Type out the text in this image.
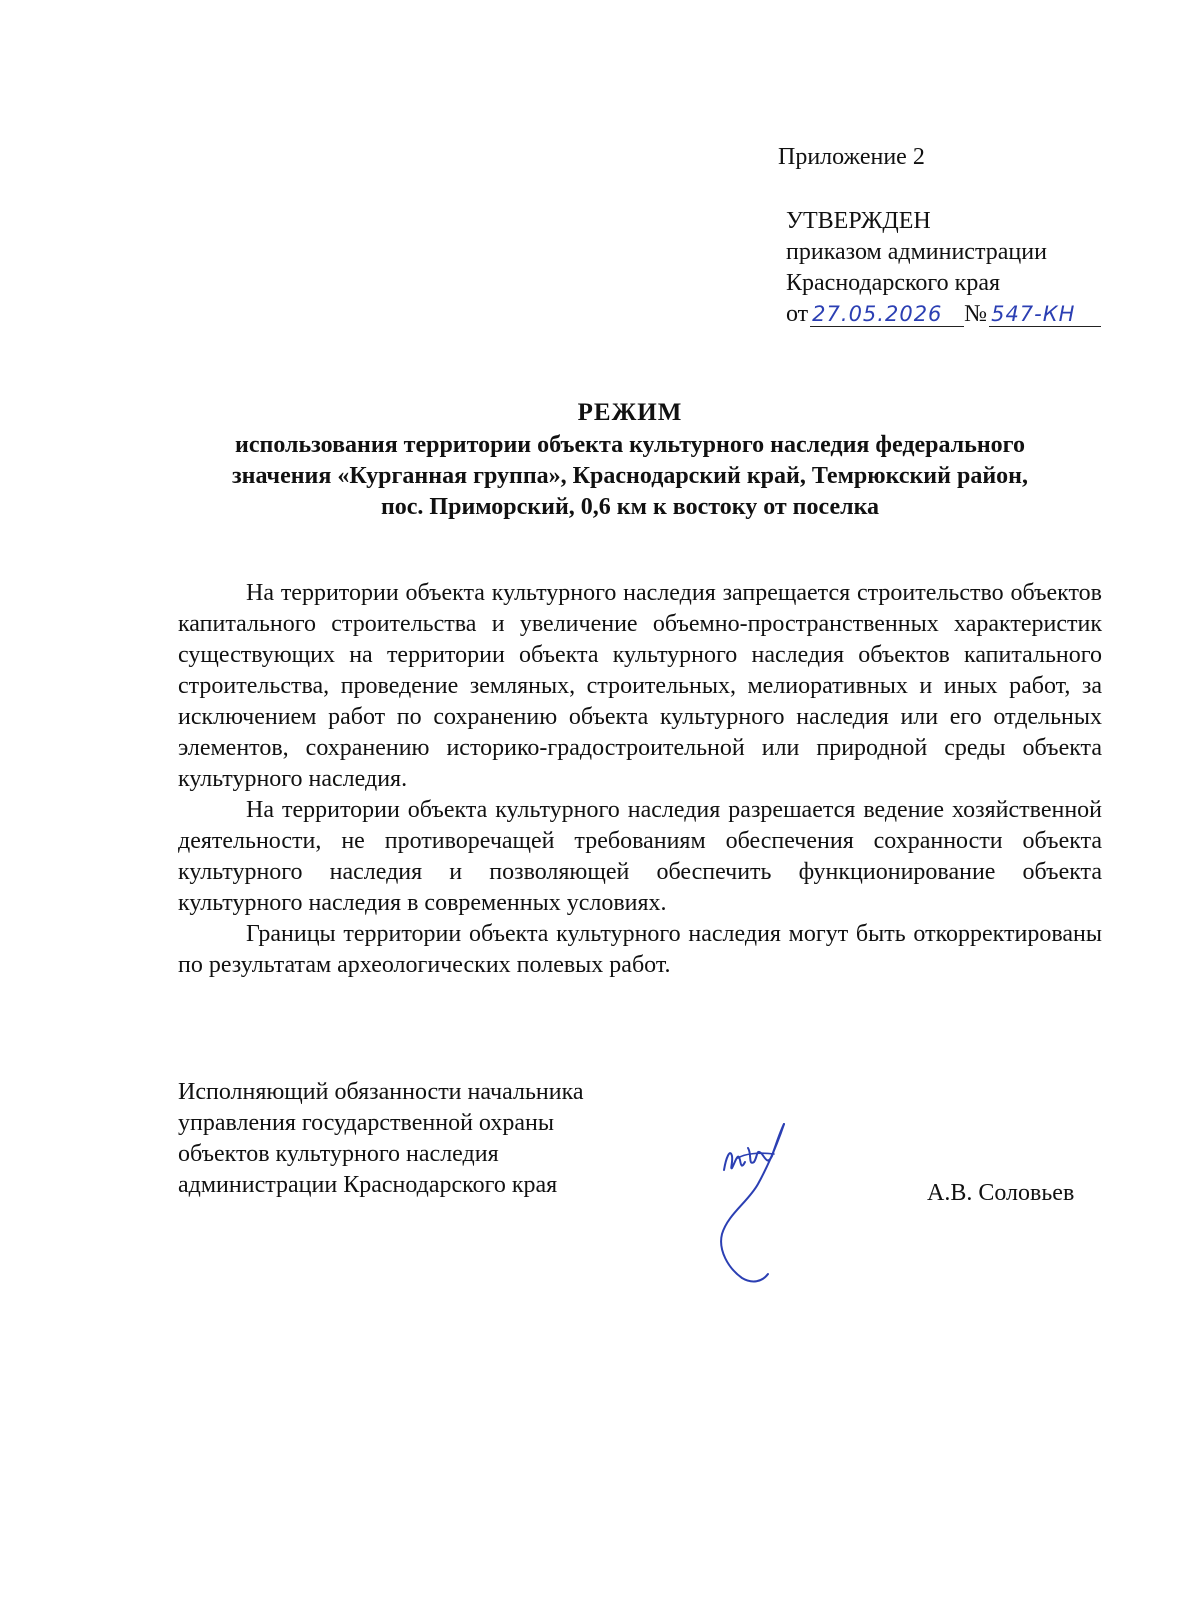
Приложение 2
УТВЕРЖДЕН
приказом администрации
Краснодарского края
от 27.05.2026 № 547-КН
РЕЖИМ
использования территории объекта культурного наследия федерального
значения «Курганная группа», Краснодарский край, Темрюкский район,
пос. Приморский, 0,6 км к востоку от поселка

На территории объекта культурного наследия запрещается строительство объектов капитального строительства и увеличение объемно-пространственных характеристик существующих на территории объекта культурного наследия объектов капитального строительства, проведение земляных, строительных, мелиоративных и иных работ, за исключением работ по сохранению объекта культурного наследия или его отдельных элементов, сохранению историко-градостроительной или природной среды объекта культурного наследия.

На территории объекта культурного наследия разрешается ведение хозяйственной деятельности, не противоречащей требованиям обеспечения сохранности объекта культурного наследия и позволяющей обеспечить функционирование объекта культурного наследия в современных условиях.

Границы территории объекта культурного наследия могут быть откорректированы по результатам археологических полевых работ.

Исполняющий обязанности начальника
управления государственной охраны
объектов культурного наследия
администрации Краснодарского края	А.В. Соловьев
